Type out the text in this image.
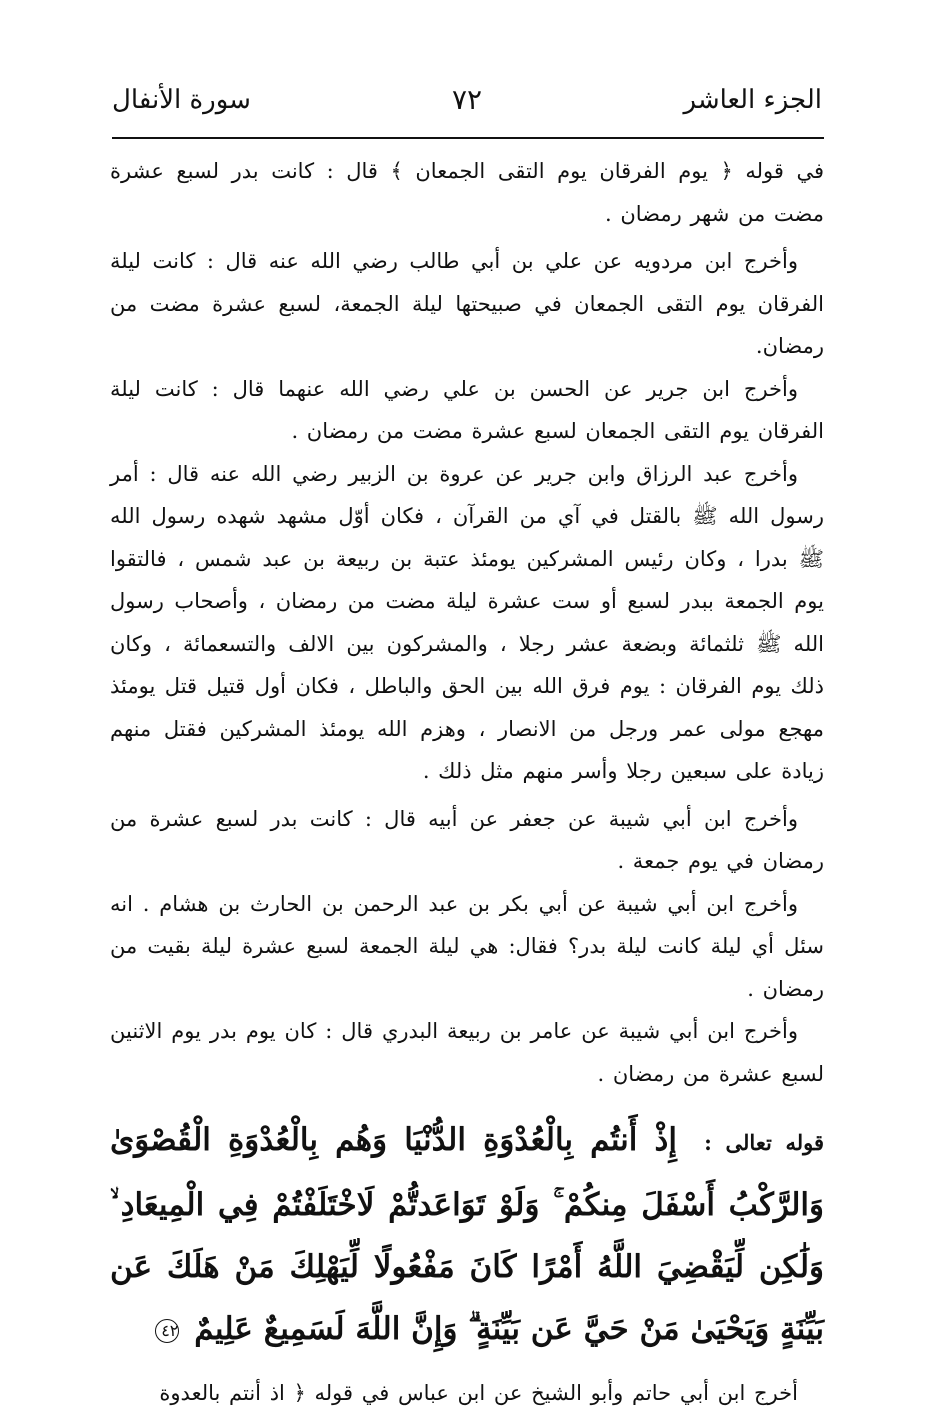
الجزء العاشر
٧٢
سورة الأنفال

في قوله ﴿ يوم الفرقان يوم التقى الجمعان ﴾ قال : كانت بدر لسبع عشرة مضت من شهر رمضان .

وأخرج ابن مردويه عن علي بن أبي طالب رضي الله عنه قال : كانت ليلة الفرقان يوم التقى الجمعان في صبيحتها ليلة الجمعة، لسبع عشرة مضت من رمضان.

وأخرج ابن جرير عن الحسن بن علي رضي الله عنهما قال : كانت ليلة الفرقان يوم التقى الجمعان لسبع عشرة مضت من رمضان .

وأخرج عبد الرزاق وابن جرير عن عروة بن الزبير رضي الله عنه قال : أمر رسول الله ﷺ بالقتل في آي من القرآن ، فكان أوّل مشهد شهده رسول الله ﷺ بدرا ، وكان رئيس المشركين يومئذ عتبة بن ربيعة بن عبد شمس ، فالتقوا يوم الجمعة ببدر لسبع أو ست عشرة ليلة مضت من رمضان ، وأصحاب رسول الله ﷺ ثلثمائة وبضعة عشر رجلا ، والمشركون بين الالف والتسعمائة ، وكان ذلك يوم الفرقان : يوم فرق الله بين الحق والباطل ، فكان أول قتيل قتل يومئذ مهجع مولى عمر ورجل من الانصار ، وهزم الله يومئذ المشركين فقتل منهم زيادة على سبعين رجلا وأسر منهم مثل ذلك .

وأخرج ابن أبي شيبة عن جعفر عن أبيه قال : كانت بدر لسبع عشرة من رمضان في يوم جمعة .

وأخرج ابن أبي شيبة عن أبي بكر بن عبد الرحمن بن الحارث بن هشام . انه سئل أي ليلة كانت ليلة بدر؟ فقال: هي ليلة الجمعة لسبع عشرة ليلة بقيت من رمضان .

وأخرج ابن أبي شيبة عن عامر بن ربيعة البدري قال : كان يوم بدر يوم الاثنين لسبع عشرة من رمضان .

قوله تعالى : إِذْ أَنتُم بِالْعُدْوَةِ الدُّنْيَا وَهُم بِالْعُدْوَةِ الْقُصْوَىٰ وَالرَّكْبُ أَسْفَلَ مِنكُمْ ۚ وَلَوْ تَوَاعَدتُّمْ لَاخْتَلَفْتُمْ فِي الْمِيعَادِ ۙ وَلَٰكِن لِّيَقْضِيَ اللَّهُ أَمْرًا كَانَ مَفْعُولًا لِّيَهْلِكَ مَنْ هَلَكَ عَن بَيِّنَةٍ وَيَحْيَىٰ مَنْ حَيَّ عَن بَيِّنَةٍ ۗ وَإِنَّ اللَّهَ لَسَمِيعٌ عَلِيمٌ ٤٢

أخرج ابن أبي حاتم وأبو الشيخ عن ابن عباس في قوله ﴿ اذ أنتم بالعدوة
